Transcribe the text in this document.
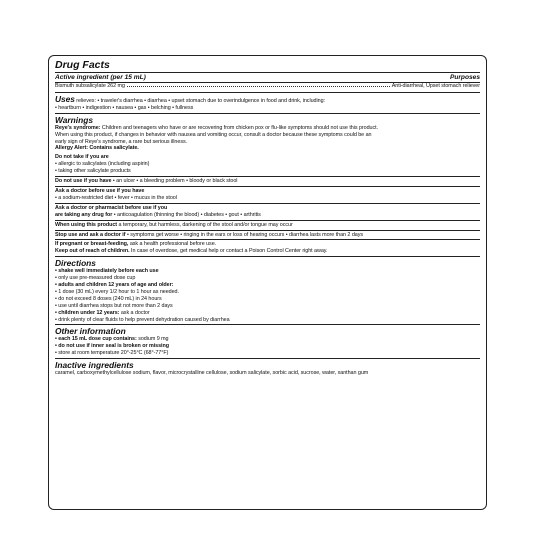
Drug Facts
Active ingredient (per 15 mL)	Purposes
Bismuth subsalicylate 262 mg	Anti-diarrheal, Upset stomach reliever
Uses relieves: • traveler's diarrhea • diarrhea • upset stomach due to overindulgence in food and drink, including:
• heartburn • indigestion • nausea • gas • belching • fullness
Warnings
Reye's syndrome: Children and teenagers who have or are recovering from chicken pox or flu-like symptoms should not use this product.
When using this product, if changes in behavior with nausea and vomiting occur, consult a doctor because these symptoms could be an
early sign of Reye's syndrome, a rare but serious illness.
Allergy Alert: Contains salicylate.
Do not take if you are
• allergic to salicylates (including aspirin)
• taking other salicylate products
Do not use if you have • an ulcer • a bleeding problem • bloody or black stool
Ask a doctor before use if you have
• a sodium-restricted diet • fever • mucus in the stool
Ask a doctor or pharmacist before use if you
are taking any drug for • anticoagulation (thinning the blood) • diabetes • gout • arthritis
When using this product a temporary, but harmless, darkening of the stool and/or tongue may occur
Stop use and ask a doctor if • symptoms get worse • ringing in the ears or loss of hearing occurs • diarrhea lasts more than 2 days
If pregnant or breast-feeding, ask a health professional before use.
Keep out of reach of children. In case of overdose, get medical help or contact a Poison Control Center right away.
Directions
• shake well immediately before each use
• only use pre-measured dose cup
• adults and children 12 years of age and older:
• 1 dose (30 mL) every 1/2 hour to 1 hour as needed.
• do not exceed 8 doses (240 mL) in 24 hours
• use until diarrhea stops but not more than 2 days
• children under 12 years: ask a doctor
• drink plenty of clear fluids to help prevent dehydration caused by diarrhea
Other information
• each 15 mL dose cup contains: sodium 9 mg
• do not use if inner seal is broken or missing
• store at room temperature 20°-25°C (68°-77°F)
Inactive ingredients
caramel, carboxymethylcellulose sodium, flavor, microcrystalline cellulose, sodium salicylate, sorbic acid, sucrose, water, xanthan gum
